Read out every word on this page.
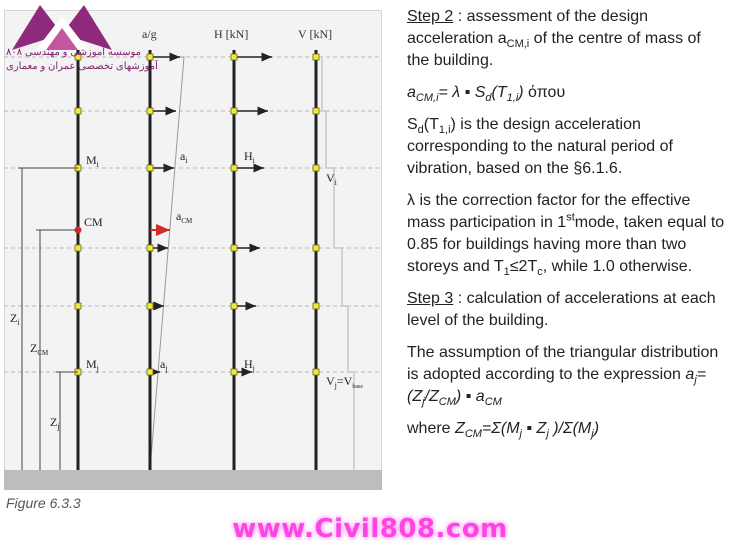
a/g	H [kN]	V [kN]
$M_i$
CM
$M_j$
$a_i$
$a_{CM}$
$a_j$
$H_i$
$H_j$
$V_i$
$V_j=V_{base}$
$Z_i$
$Z_{CM}$
$Z_j$
موسسه آموزشی و مهندسی ۸۰۸
آموزشهای تخصصی عمران و معماری
Figure 6.3.3

Step 2 : assessment of the design acceleration $a_{CM,i}$ of the centre of mass of the building.

$a_{CM,i}= \lambda$ ▪ $S_d(T_{1,i})$ όπου

$S_d(T_{1,i})$ is the design acceleration corresponding to the natural period of vibration, based on the §6.1.6.

λ is the correction factor for the effective mass participation in 1stmode, taken equal to 0.85 for buildings having more than two storeys and $T_1\le 2T_c$, while 1.0 otherwise.

Step 3 : calculation of accelerations at each level of the building.

The assumption of the triangular distribution is adopted according to the expression $a_j=(Z_j/Z_{CM})$ ▪ $a_{CM}$

where $Z_{CM}=\Sigma(M_j$ ▪ $Z_j$ )$/\Sigma(M_j)$

www.Civil808.com
